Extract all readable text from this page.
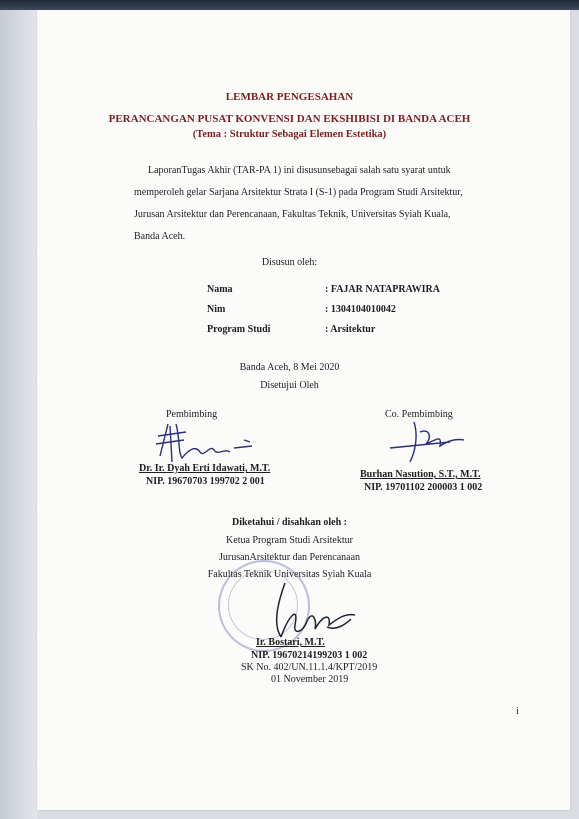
LEMBAR PENGESAHAN
PERANCANGAN PUSAT KONVENSI DAN EKSHIBISI DI BANDA ACEH
(Tema : Struktur Sebagai Elemen Estetika)
LaporanTugas Akhir (TAR-PA 1) ini disusunsebagai salah satu syarat untuk
memperoleh gelar Sarjana Arsitektur Strata I (S-1) pada Program Studi Arsitektur,
Jurusan Arsitektur dan Perencanaan, Fakultas Teknik, Universitas Syiah Kuala,
Banda Aceh.
Disusun oleh:
Nama	: FAJAR NATAPRAWIRA
Nim	: 1304104010042
Program Studi	: Arsitektur
Banda Aceh, 8 Mei 2020
Disetujui Oleh
Pembimbing	Co. Pembimbing
Dr. Ir. Dyah Erti Idawati, M.T.
NIP. 19670703 199702 2 001
Burhan Nasution, S.T., M.T.
NIP. 19701102 200003 1 002
Diketahui / disahkan oleh :
Ketua Program Studi Arsitektur
JurusanArsitektur dan Perencanaan
Fakultas Teknik Universitas Syiah Kuala
Ir. Bostari, M.T.
NIP. 19670214199203 1 002
SK No. 402/UN.11.1.4/KPT/2019
01 November 2019
i
